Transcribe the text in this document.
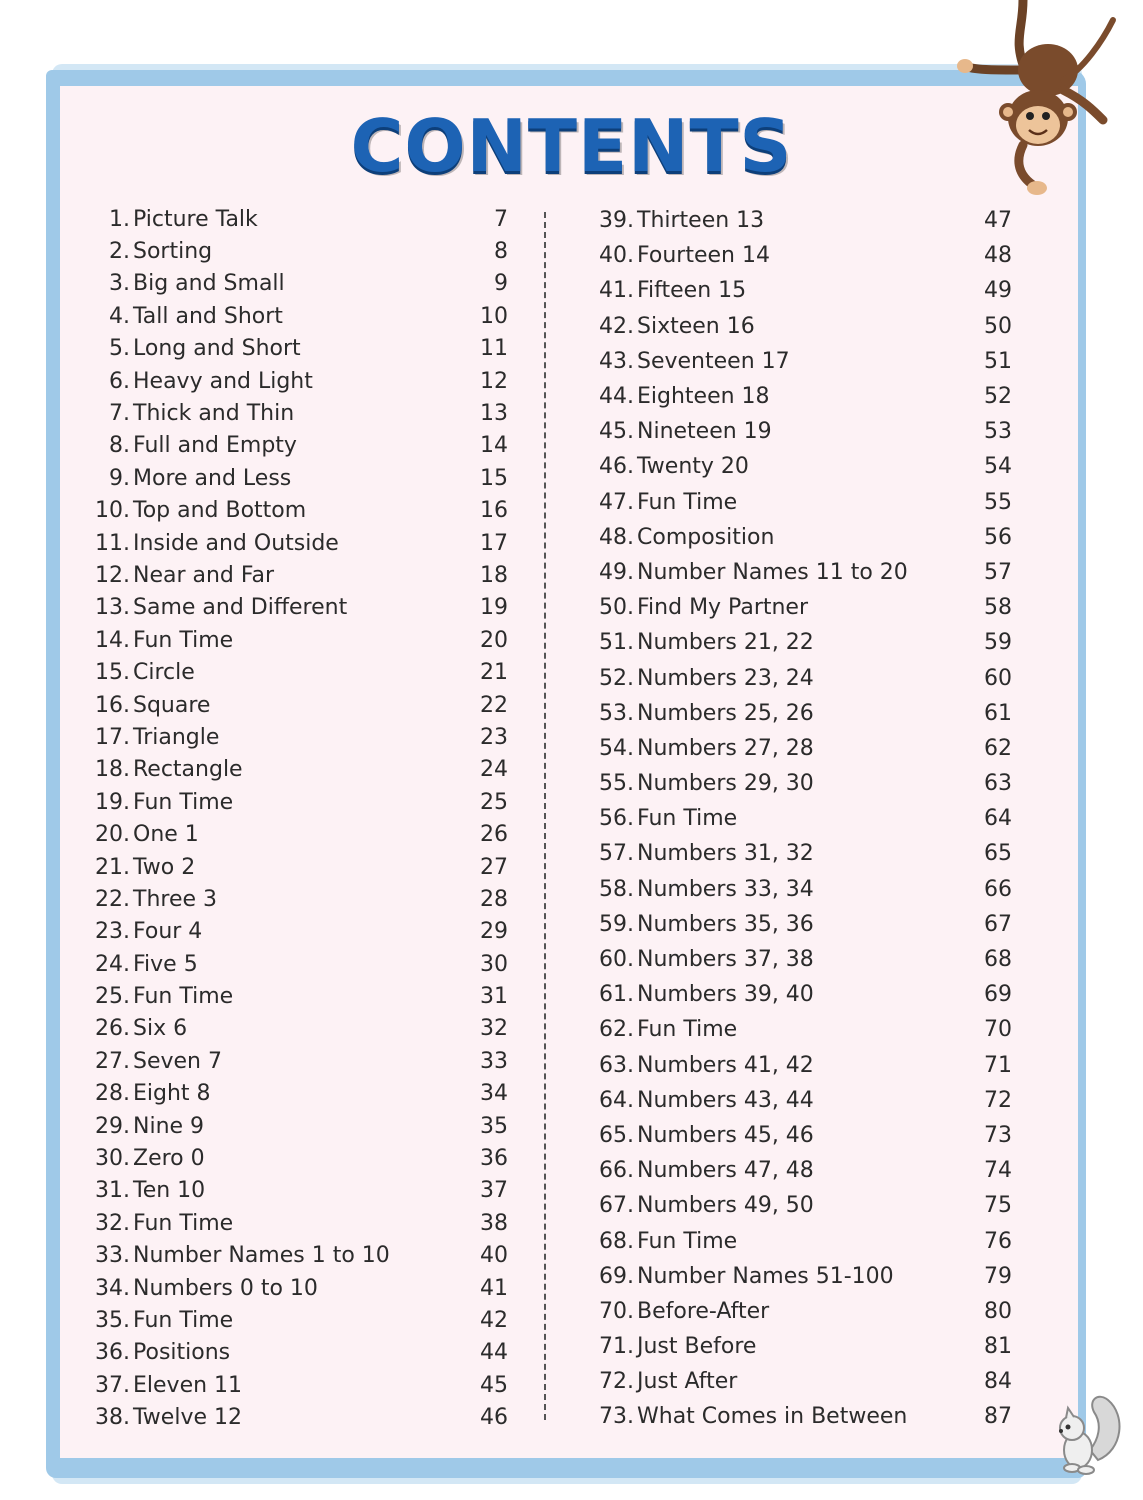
CONTENTS
1. Picture Talk	7
2. Sorting	8
3. Big and Small	9
4. Tall and Short	10
5. Long and Short	11
6. Heavy and Light	12
7. Thick and Thin	13
8. Full and Empty	14
9. More and Less	15
10. Top and Bottom	16
11. Inside and Outside	17
12. Near and Far	18
13. Same and Different	19
14. Fun Time	20
15. Circle	21
16. Square	22
17. Triangle	23
18. Rectangle	24
19. Fun Time	25
20. One 1	26
21. Two 2	27
22. Three 3	28
23. Four 4	29
24. Five 5	30
25. Fun Time	31
26. Six 6	32
27. Seven 7	33
28. Eight 8	34
29. Nine 9	35
30. Zero 0	36
31. Ten 10	37
32. Fun Time	38
33. Number Names 1 to 10	40
34. Numbers 0 to 10	41
35. Fun Time	42
36. Positions	44
37. Eleven 11	45
38. Twelve 12	46
39. Thirteen 13	47
40. Fourteen 14	48
41. Fifteen 15	49
42. Sixteen 16	50
43. Seventeen 17	51
44. Eighteen 18	52
45. Nineteen 19	53
46. Twenty 20	54
47. Fun Time	55
48. Composition	56
49. Number Names 11 to 20	57
50. Find My Partner	58
51. Numbers 21, 22	59
52. Numbers 23, 24	60
53. Numbers 25, 26	61
54. Numbers 27, 28	62
55. Numbers 29, 30	63
56. Fun Time	64
57. Numbers 31, 32	65
58. Numbers 33, 34	66
59. Numbers 35, 36	67
60. Numbers 37, 38	68
61. Numbers 39, 40	69
62. Fun Time	70
63. Numbers 41, 42	71
64. Numbers 43, 44	72
65. Numbers 45, 46	73
66. Numbers 47, 48	74
67. Numbers 49, 50	75
68. Fun Time	76
69. Number Names 51-100	79
70. Before-After	80
71. Just Before	81
72. Just After	84
73. What Comes in Between	87
